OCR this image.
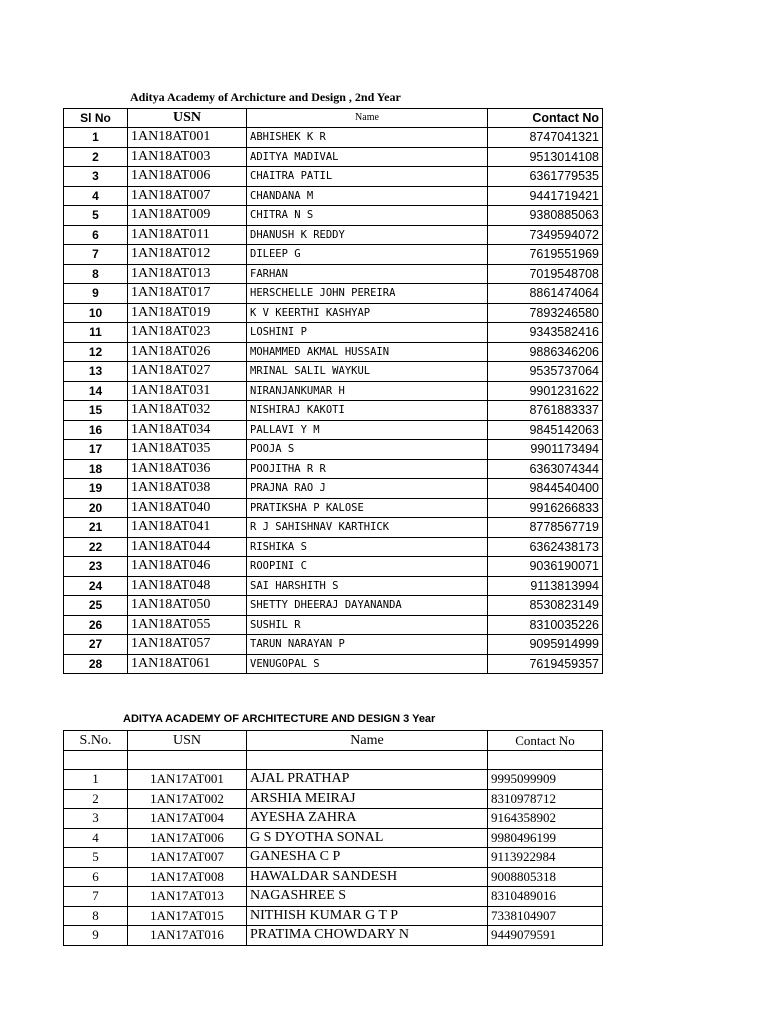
Aditya Academy of Archicture and Design , 2nd Year
Sl No	USN	Name	Contact No
1	1AN18AT001	ABHISHEK K R	8747041321
2	1AN18AT003	ADITYA MADIVAL	9513014108
3	1AN18AT006	CHAITRA PATIL	6361779535
4	1AN18AT007	CHANDANA M	9441719421
5	1AN18AT009	CHITRA N S	9380885063
6	1AN18AT011	DHANUSH K REDDY	7349594072
7	1AN18AT012	DILEEP G	7619551969
8	1AN18AT013	FARHAN	7019548708
9	1AN18AT017	HERSCHELLE JOHN PEREIRA	8861474064
10	1AN18AT019	K V KEERTHI KASHYAP	7893246580
11	1AN18AT023	LOSHINI P	9343582416
12	1AN18AT026	MOHAMMED AKMAL HUSSAIN	9886346206
13	1AN18AT027	MRINAL SALIL WAYKUL	9535737064
14	1AN18AT031	NIRANJANKUMAR H	9901231622
15	1AN18AT032	NISHIRAJ KAKOTI	8761883337
16	1AN18AT034	PALLAVI Y M	9845142063
17	1AN18AT035	POOJA S	9901173494
18	1AN18AT036	POOJITHA R R	6363074344
19	1AN18AT038	PRAJNA RAO J	9844540400
20	1AN18AT040	PRATIKSHA P KALOSE	9916266833
21	1AN18AT041	R J SAHISHNAV KARTHICK	8778567719
22	1AN18AT044	RISHIKA S	6362438173
23	1AN18AT046	ROOPINI C	9036190071
24	1AN18AT048	SAI HARSHITH S	9113813994
25	1AN18AT050	SHETTY DHEERAJ DAYANANDA	8530823149
26	1AN18AT055	SUSHIL R	8310035226
27	1AN18AT057	TARUN NARAYAN P	9095914999
28	1AN18AT061	VENUGOPAL S	7619459357
ADITYA ACADEMY OF ARCHITECTURE AND DESIGN 3 Year
S.No.	USN	Name	Contact No

1	1AN17AT001	AJAL PRATHAP	9995099909
2	1AN17AT002	ARSHIA MEIRAJ	8310978712
3	1AN17AT004	AYESHA ZAHRA	9164358902
4	1AN17AT006	G S DYOTHA SONAL	9980496199
5	1AN17AT007	GANESHA C P	9113922984
6	1AN17AT008	HAWALDAR SANDESH	9008805318
7	1AN17AT013	NAGASHREE S	8310489016
8	1AN17AT015	NITHISH KUMAR G T P	7338104907
9	1AN17AT016	PRATIMA CHOWDARY N	9449079591
